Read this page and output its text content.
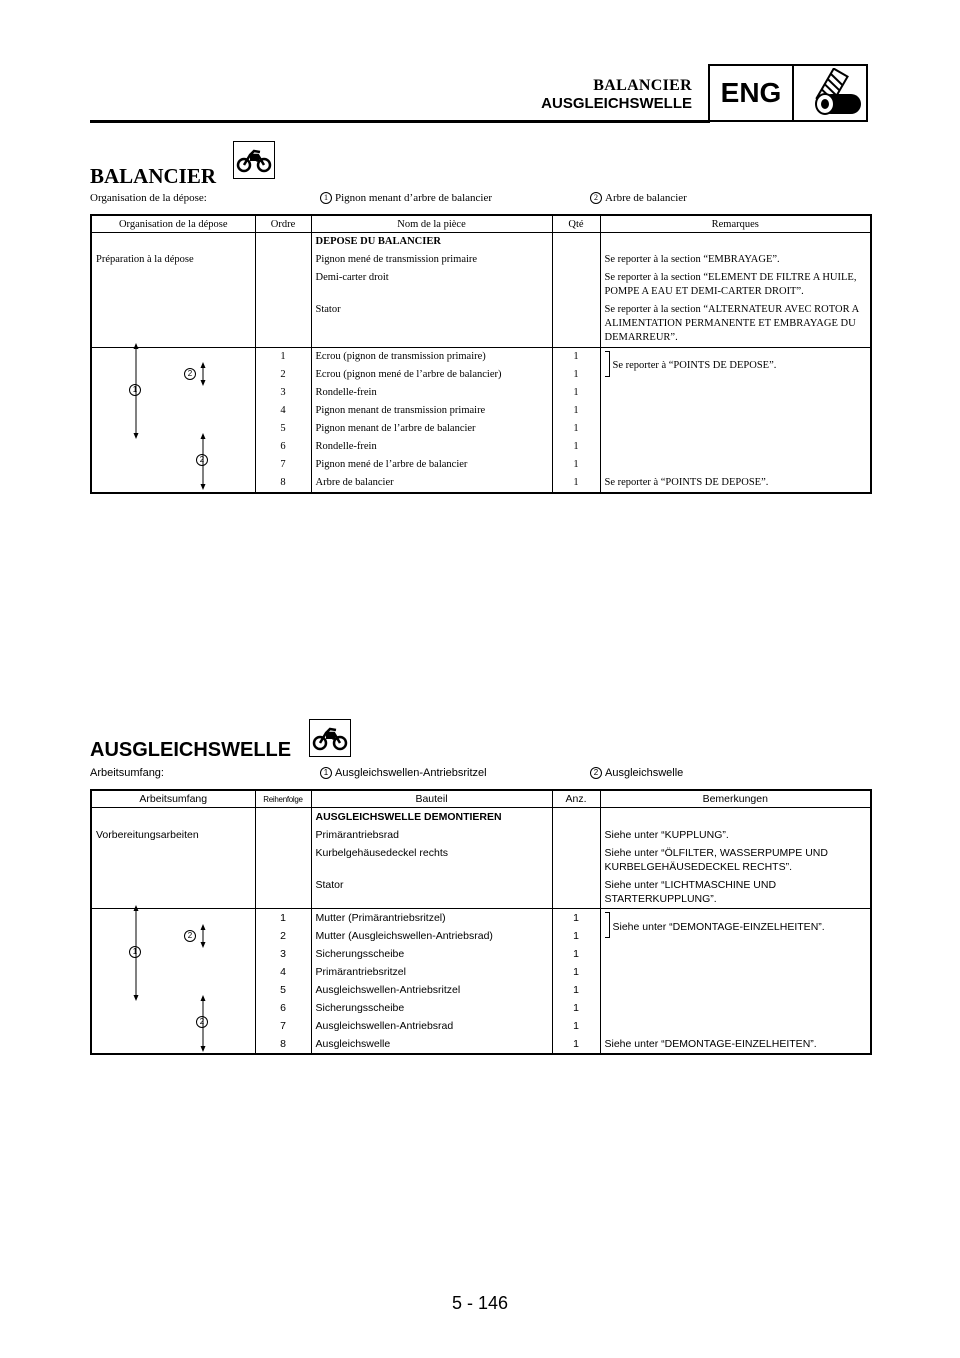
BALANCIER
AUSGLEICHSWELLE	ENG
BALANCIER
Organisation de la dépose:	1 Pignon menant d’arbre de balancier	2 Arbre de balancier
Organisation de la dépose	Ordre	Nom de la pièce	Qté	Remarques
		DEPOSE DU BALANCIER		
Préparation à la dépose		Pignon mené de transmission primaire		Se reporter à la section “EMBRAYAGE”.
		Demi-carter droit		Se reporter à la section “ELEMENT DE FILTRE A HUILE, POMPE A EAU ET DEMI-CARTER DROIT”.
		Stator		Se reporter à la section “ALTERNATEUR AVEC ROTOR A ALIMENTATION PERMANENTE ET EMBRAYAGE DU DEMARREUR”.
	1	Ecrou (pignon de transmission primaire)	1	Se reporter à “POINTS DE DEPOSE”.
	2	Ecrou (pignon mené de l’arbre de balancier)	1	
	3	Rondelle-frein	1	
	4	Pignon menant de transmission primaire	1	
	5	Pignon menant de l’arbre de balancier	1	
	6	Rondelle-frein	1	
	7	Pignon mené de l’arbre de balancier	1	
	8	Arbre de balancier	1	Se reporter à “POINTS DE DEPOSE”.
1
2
2
AUSGLEICHSWELLE
Arbeitsumfang:	1 Ausgleichswellen-Antriebsritzel	2 Ausgleichswelle
Arbeitsumfang	Reihenfolge	Bauteil	Anz.	Bemerkungen
		AUSGLEICHSWELLE DEMONTIEREN		
Vorbereitungsarbeiten		Primärantriebsrad		Siehe unter “KUPPLUNG”.
		Kurbelgehäusedeckel rechts		Siehe unter “ÖLFILTER, WASSERPUMPE UND KURBELGEHÄUSEDECKEL RECHTS”.
		Stator		Siehe unter “LICHTMASCHINE UND STARTERKUPPLUNG”.
	1	Mutter (Primärantriebsritzel)	1	Siehe unter “DEMONTAGE-EINZELHEITEN”.
	2	Mutter (Ausgleichswellen-Antriebsrad)	1	
	3	Sicherungsscheibe	1	
	4	Primärantriebsritzel	1	
	5	Ausgleichswellen-Antriebsritzel	1	
	6	Sicherungsscheibe	1	
	7	Ausgleichswellen-Antriebsrad	1	
	8	Ausgleichswelle	1	Siehe unter “DEMONTAGE-EINZELHEITEN”.
1
2
2
5 - 146
